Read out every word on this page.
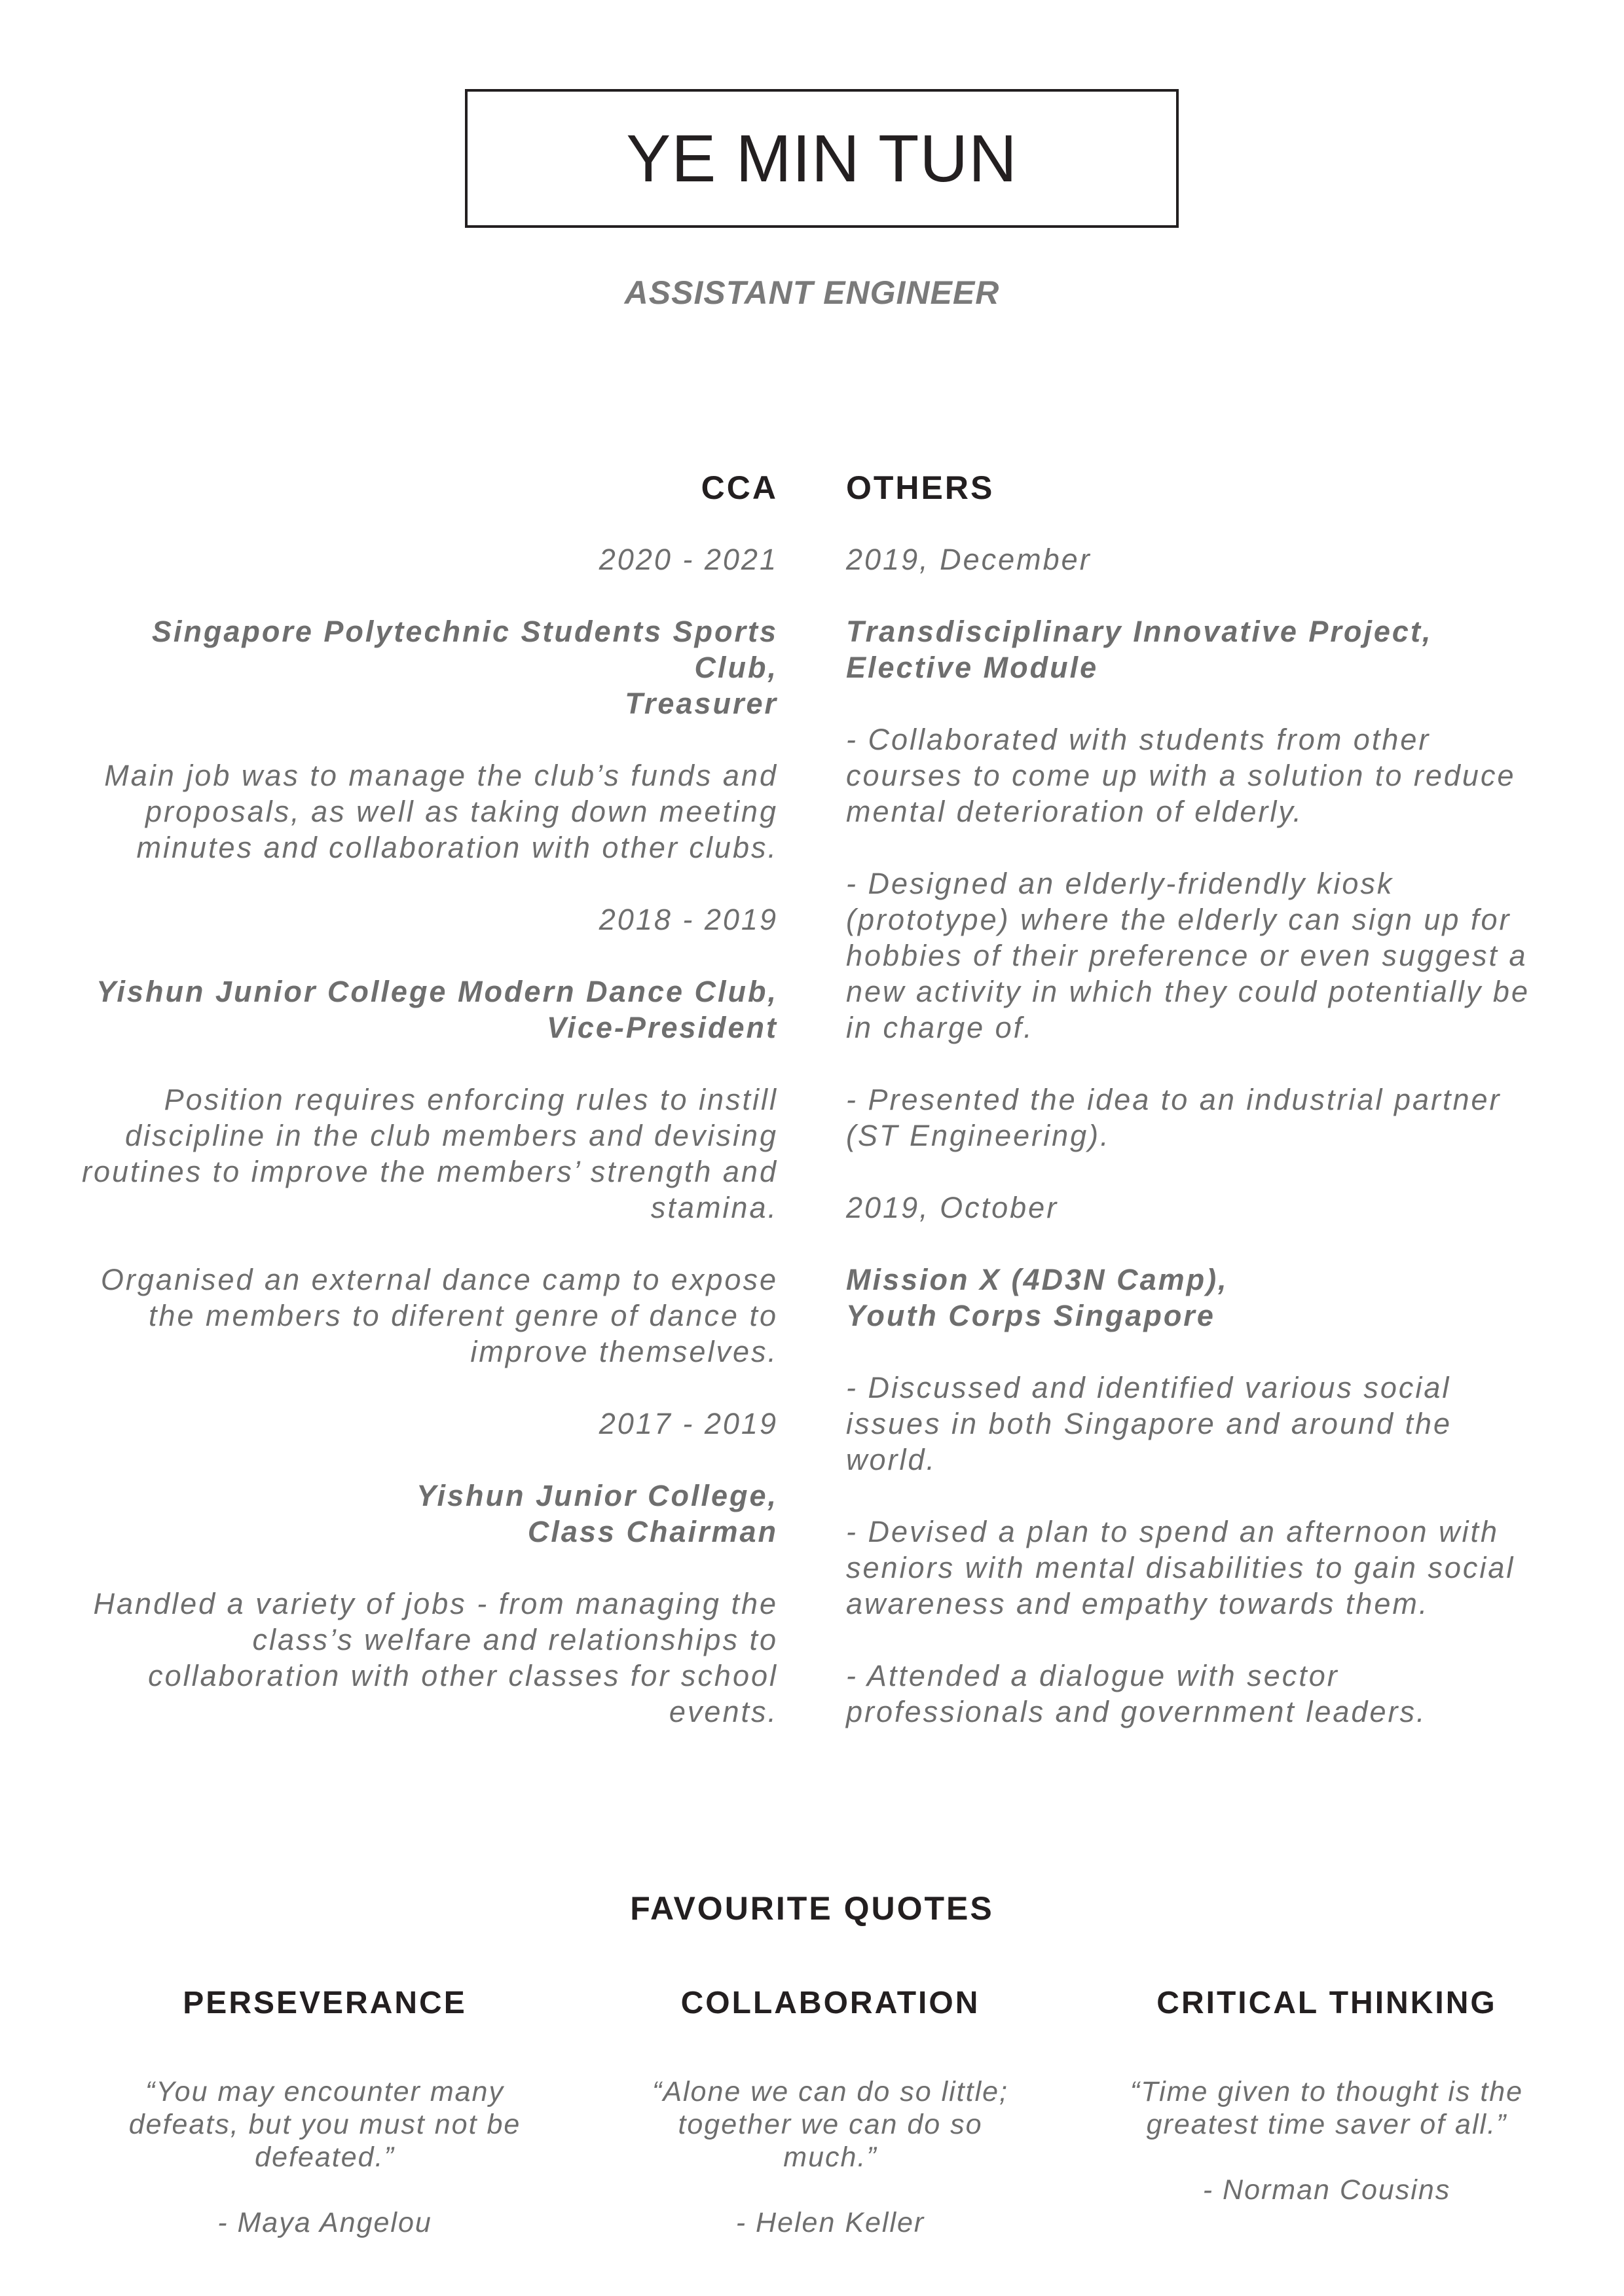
YE MIN TUN
ASSISTANT ENGINEER
CCA
2020 - 2021
Singapore Polytechnic Students Sports Club,
Treasurer
Main job was to manage the club’s funds and proposals, as well as taking down meeting minutes and collaboration with other clubs.
2018 - 2019
Yishun Junior College Modern Dance Club,
Vice-President
Position requires enforcing rules to instill discipline in the club members and devising routines to improve the members’ strength and stamina.
Organised an external dance camp to expose the members to diferent genre of dance to improve themselves.
2017 - 2019
Yishun Junior College,
Class Chairman
Handled a variety of jobs - from managing the class’s welfare and relationships to collaboration with other classes for school events.
OTHERS
2019, December
Transdisciplinary Innovative Project,
Elective Module
- Collaborated with students from other courses to come up with a solution to reduce mental deterioration of elderly.
- Designed an elderly-fridendly kiosk (prototype) where the elderly can sign up for hobbies of their preference or even suggest a new activity in which they could potentially be in charge of.
- Presented the idea to an industrial partner (ST Engineering).
2019, October
Mission X (4D3N Camp),
Youth Corps Singapore
- Discussed and identified various social issues in both Singapore and around the world.
- Devised a plan to spend an afternoon with seniors with mental disabilities to gain social awareness and empathy towards them.
- Attended a dialogue with sector professionals and government leaders.
FAVOURITE QUOTES
PERSEVERANCE
“You may encounter many defeats, but you must not be defeated.”
- Maya Angelou
COLLABORATION
“Alone we can do so little; together we can do so much.”
- Helen Keller
CRITICAL THINKING
“Time given to thought is the greatest time saver of all.”
- Norman Cousins
